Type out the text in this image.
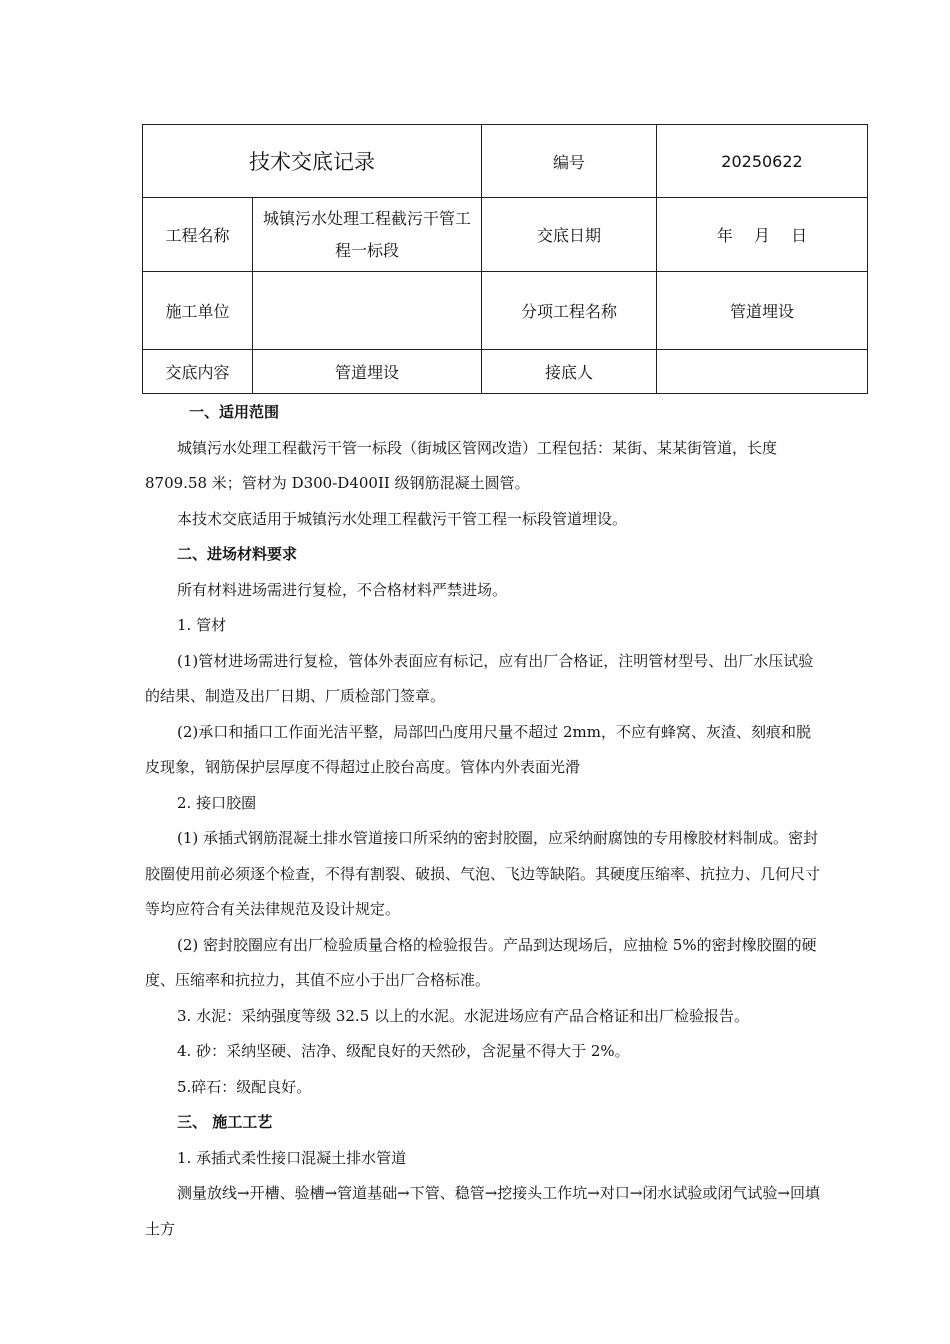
技术交底记录		编号	20250622
工程名称	城镇污水处理工程截污干管工程一标段	交底日期	年　 月　 日
施工单位		分项工程名称	管道埋设
交底内容	管道埋设	接底人	

一、适用范围

城镇污水处理工程截污干管一标段（街城区管网改造）工程包括：某街、某某街管道，长度 8709.58 米；管材为 D300-D400II 级钢筋混凝土圆管。

本技术交底适用于城镇污水处理工程截污干管工程一标段管道埋设。

二、进场材料要求

所有材料进场需进行复检，不合格材料严禁进场。

1. 管材

(1)管材进场需进行复检，管体外表面应有标记，应有出厂合格证，注明管材型号、出厂水压试验的结果、制造及出厂日期、厂质检部门签章。

(2)承口和插口工作面光洁平整，局部凹凸度用尺量不超过 2mm，不应有蜂窝、灰渣、刻痕和脱皮现象，钢筋保护层厚度不得超过止胶台高度。管体内外表面光滑

2. 接口胶圈

(1) 承插式钢筋混凝土排水管道接口所采纳的密封胶圈，应采纳耐腐蚀的专用橡胶材料制成。密封胶圈使用前必须逐个检查，不得有割裂、破损、气泡、飞边等缺陷。其硬度压缩率、抗拉力、几何尺寸等均应符合有关法律规范及设计规定。

(2) 密封胶圈应有出厂检验质量合格的检验报告。产品到达现场后，应抽检 5%的密封橡胶圈的硬度、压缩率和抗拉力，其值不应小于出厂合格标准。

3. 水泥：采纳强度等级 32.5 以上的水泥。水泥进场应有产品合格证和出厂检验报告。

4. 砂：采纳坚硬、洁净、级配良好的天然砂，含泥量不得大于 2%。

5.碎石：级配良好。

三、 施工工艺

1. 承插式柔性接口混凝土排水管道

测量放线→开槽、验槽→管道基础→下管、稳管→挖接头工作坑→对口→闭水试验或闭气试验→回填土方
